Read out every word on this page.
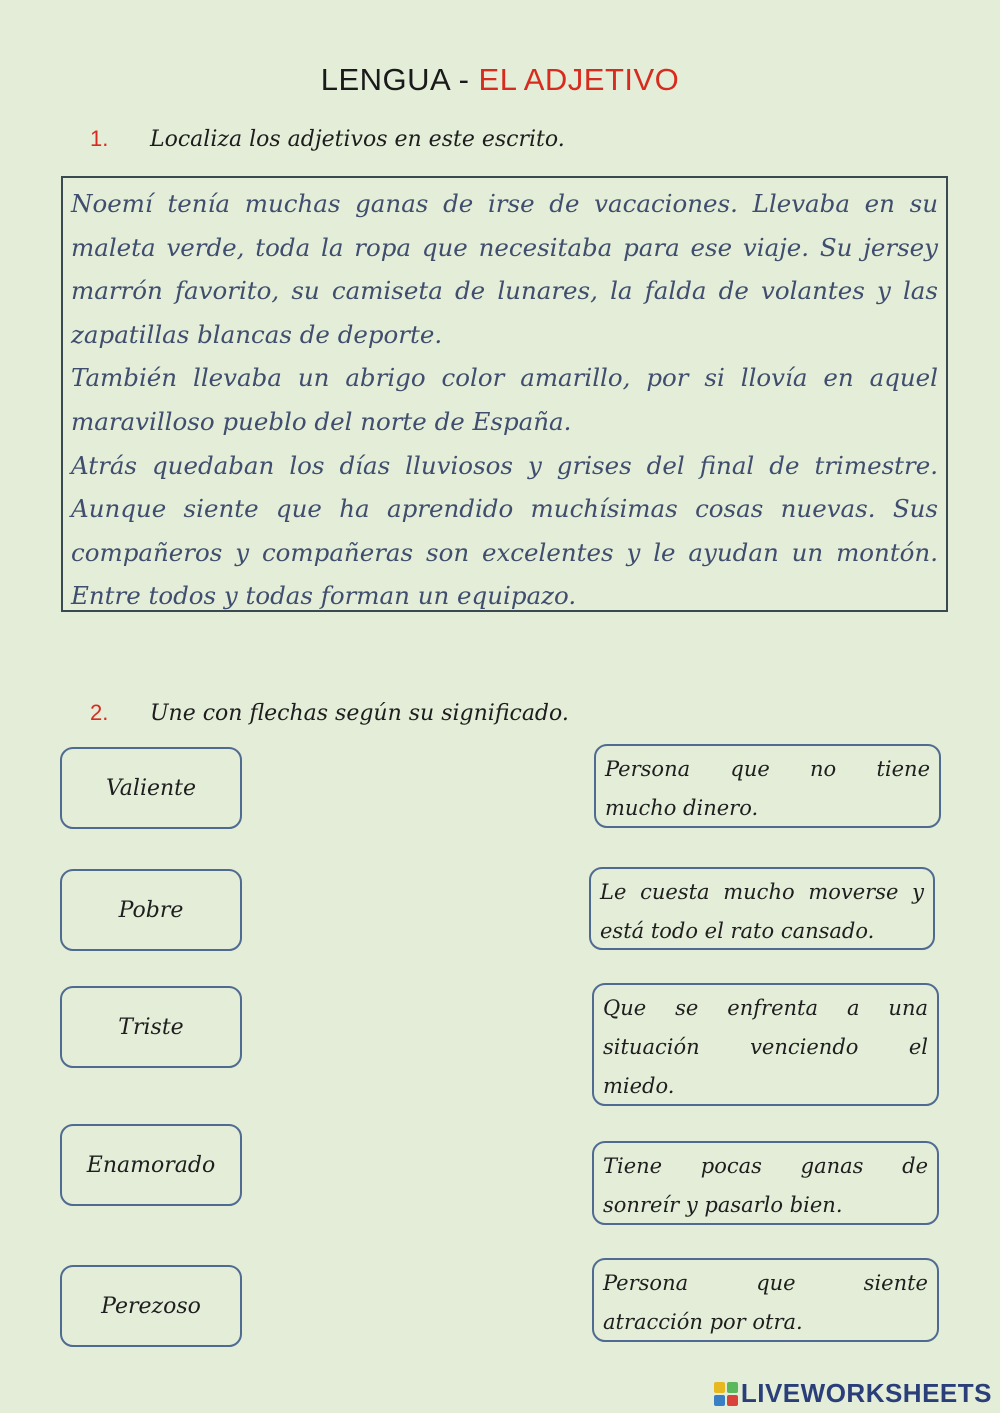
LENGUA - EL ADJETIVO
1. Localiza los adjetivos en este escrito.

Noemí tenía muchas ganas de irse de vacaciones. Llevaba en su maleta verde, toda la ropa que necesitaba para ese viaje. Su jersey marrón favorito, su camiseta de lunares, la falda de volantes y las zapatillas blancas de deporte.

También llevaba un abrigo color amarillo, por si llovía en aquel maravilloso pueblo del norte de España.

Atrás quedaban los días lluviosos y grises del final de trimestre. Aunque siente que ha aprendido muchísimas cosas nuevas. Sus compañeros y compañeras son excelentes y le ayudan un montón. Entre todos y todas forman un equipazo.

2. Une con flechas según su significado.
Valiente
Pobre
Triste
Enamorado
Perezoso
Persona que no tiene
mucho dinero.
Le cuesta mucho moverse y
está todo el rato cansado.
Que se enfrenta a una
situación venciendo el
miedo.
Tiene pocas ganas de
sonreír y pasarlo bien.
Persona que siente
atracción por otra.
LIVEWORKSHEETS
